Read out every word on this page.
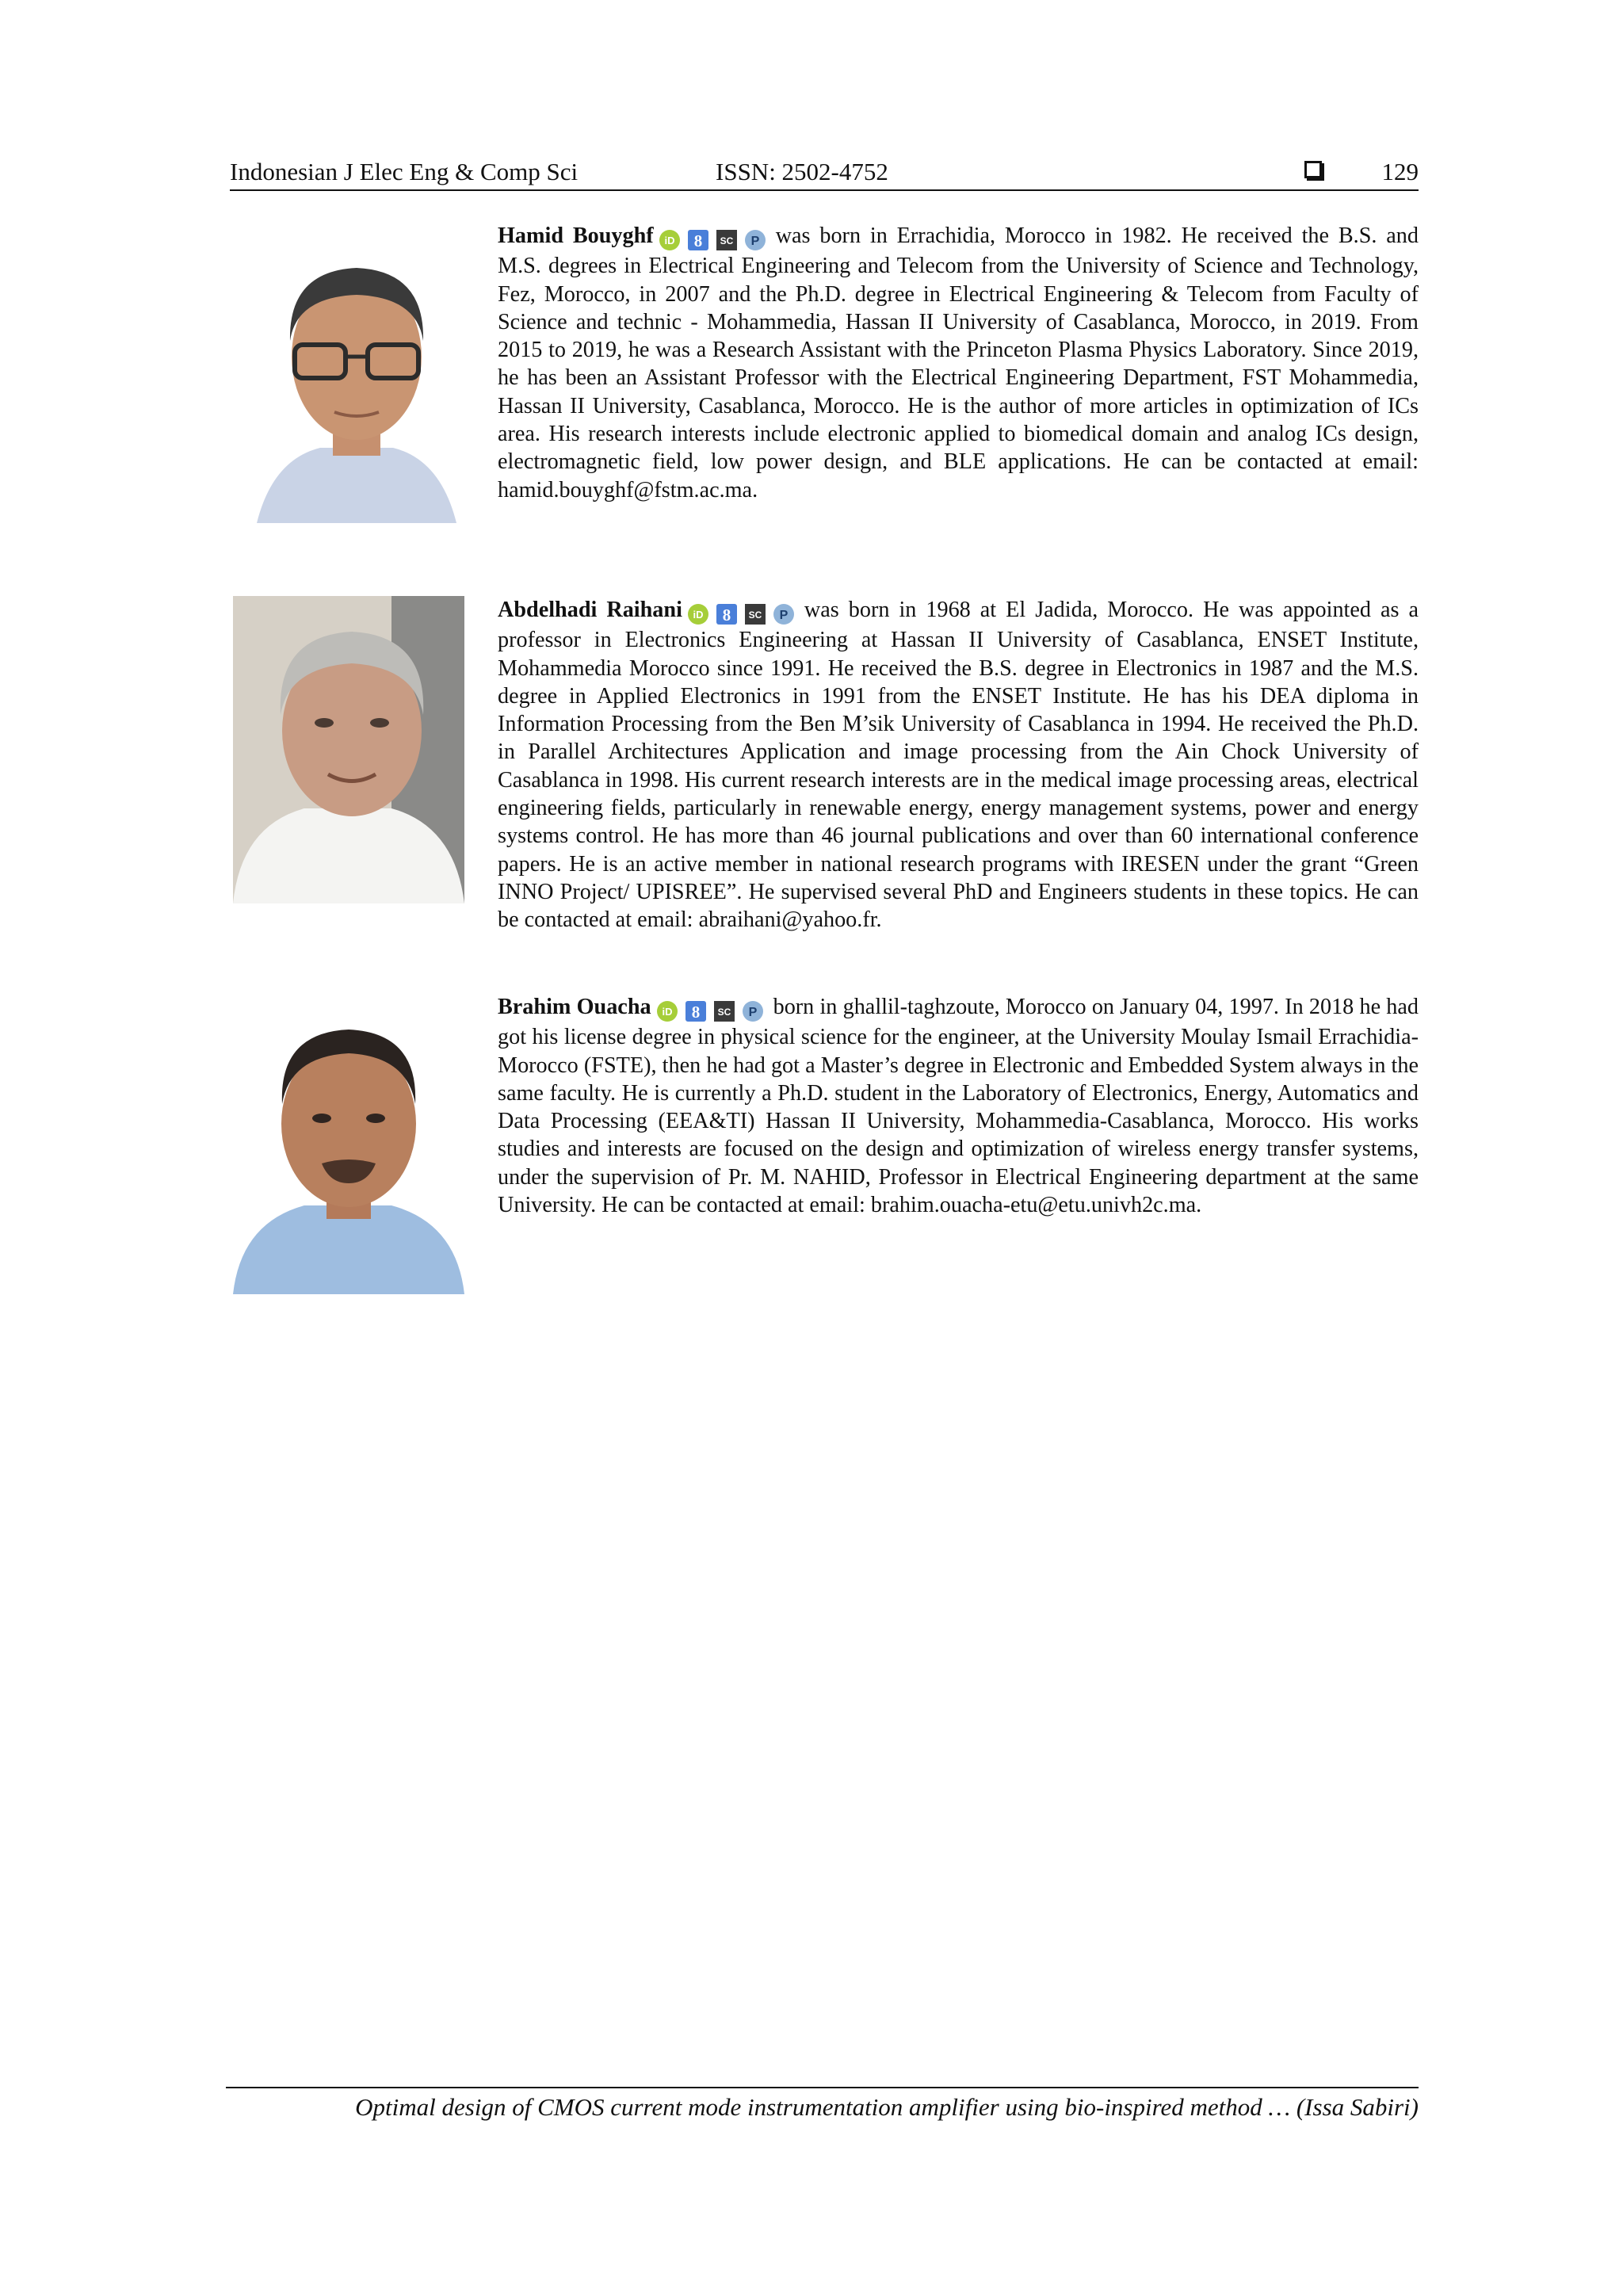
Indonesian J Elec Eng & Comp Sci	ISSN: 2502-4752	129
Hamid Bouyghf iD 8 SC P was born in Errachidia, Morocco in 1982. He received the B.S. and M.S. degrees in Electrical Engineering and Telecom from the University of Science and Technology, Fez, Morocco, in 2007 and the Ph.D. degree in Electrical Engineering & Telecom from Faculty of Science and technic - Mohammedia, Hassan II University of Casablanca, Morocco, in 2019. From 2015 to 2019, he was a Research Assistant with the Princeton Plasma Physics Laboratory. Since 2019, he has been an Assistant Professor with the Electrical Engineering Department, FST Mohammedia, Hassan II University, Casablanca, Morocco. He is the author of more articles in optimization of ICs area. His research interests include electronic applied to biomedical domain and analog ICs design, electromagnetic field, low power design, and BLE applications. He can be contacted at email: hamid.bouyghf@fstm.ac.ma.
Abdelhadi Raihani iD 8 SC P was born in 1968 at El Jadida, Morocco. He was appointed as a professor in Electronics Engineering at Hassan II University of Casablanca, ENSET Institute, Mohammedia Morocco since 1991. He received the B.S. degree in Electronics in 1987 and the M.S. degree in Applied Electronics in 1991 from the ENSET Institute. He has his DEA diploma in Information Processing from the Ben M’sik University of Casablanca in 1994. He received the Ph.D. in Parallel Architectures Application and image processing from the Ain Chock University of Casablanca in 1998. His current research interests are in the medical image processing areas, electrical engineering fields, particularly in renewable energy, energy management systems, power and energy systems control. He has more than 46 journal publications and over than 60 international conference papers. He is an active member in national research programs with IRESEN under the grant “Green INNO Project/ UPISREE”. He supervised several PhD and Engineers students in these topics. He can be contacted at email: abraihani@yahoo.fr.
Brahim Ouacha iD 8 SC P born in ghallil-taghzoute, Morocco on January 04, 1997. In 2018 he had got his license degree in physical science for the engineer, at the University Moulay Ismail Errachidia-Morocco (FSTE), then he had got a Master’s degree in Electronic and Embedded System always in the same faculty. He is currently a Ph.D. student in the Laboratory of Electronics, Energy, Automatics and Data Processing (EEA&TI) Hassan II University, Mohammedia-Casablanca, Morocco. His works studies and interests are focused on the design and optimization of wireless energy transfer systems, under the supervision of Pr. M. NAHID, Professor in Electrical Engineering department at the same University. He can be contacted at email: brahim.ouacha-etu@etu.univh2c.ma.
Optimal design of CMOS current mode instrumentation amplifier using bio-inspired method … (Issa Sabiri)
